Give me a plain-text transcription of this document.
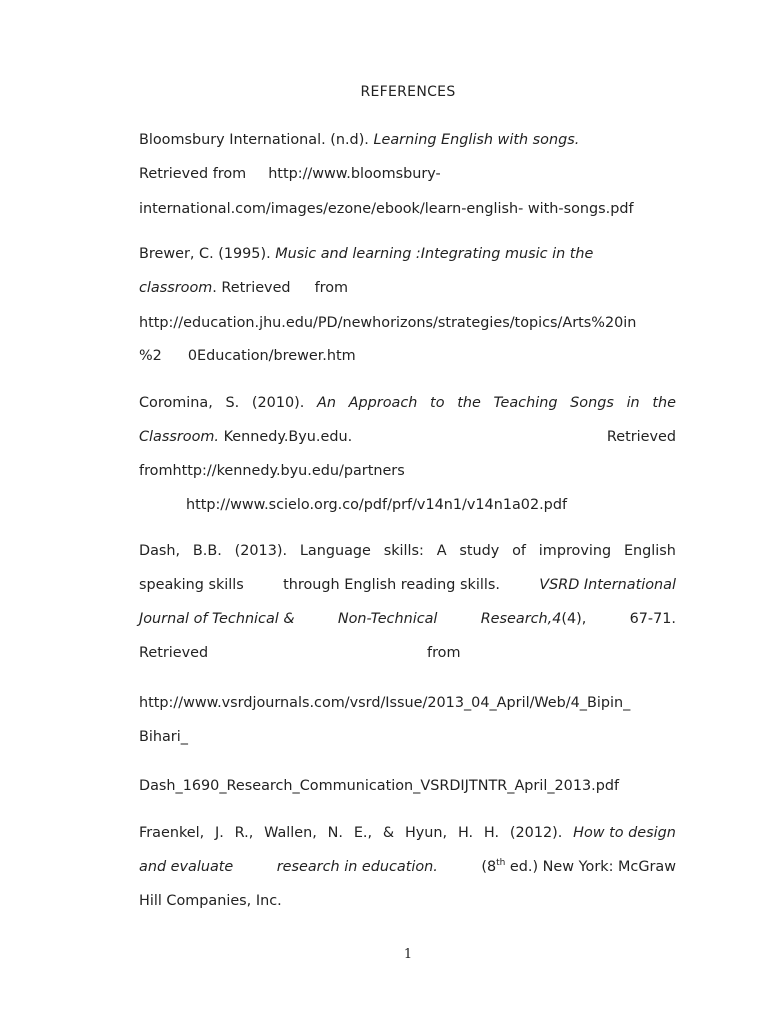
REFERENCES
Bloomsbury International. (n.d). Learning English with songs.
Retrieved from http://www.bloomsbury-
international.com/images/ezone/ebook/learn-english- with-songs.pdf
Brewer, C. (1995). Music and learning :Integrating music in the
classroom. Retrieved from
http://education.jhu.edu/PD/newhorizons/strategies/topics/Arts%20in
%2 0Education/brewer.htm
Coromina, S. (2010). An Approach to the Teaching Songs in the
Classroom. Kennedy.Byu.edu.	Retrieved
fromhttp://kennedy.byu.edu/partners
http://www.scielo.org.co/pdf/prf/v14n1/v14n1a02.pdf
Dash, B.B. (2013). Language skills: A study of improving English
speaking skills	through English reading skills.	VSRD International
Journal of Technical &	Non-Technical	Research,4(4),	67-71.
Retrieved	from
http://www.vsrdjournals.com/vsrd/Issue/2013_04_April/Web/4_Bipin_
Bihari_
Dash_1690_Research_Communication_VSRDIJTNTR_April_2013.pdf
Fraenkel, J. R., Wallen, N. E., & Hyun, H. H. (2012). How to design
and evaluate	research in education.	(8th ed.) New York: McGraw
Hill Companies, Inc.
1
